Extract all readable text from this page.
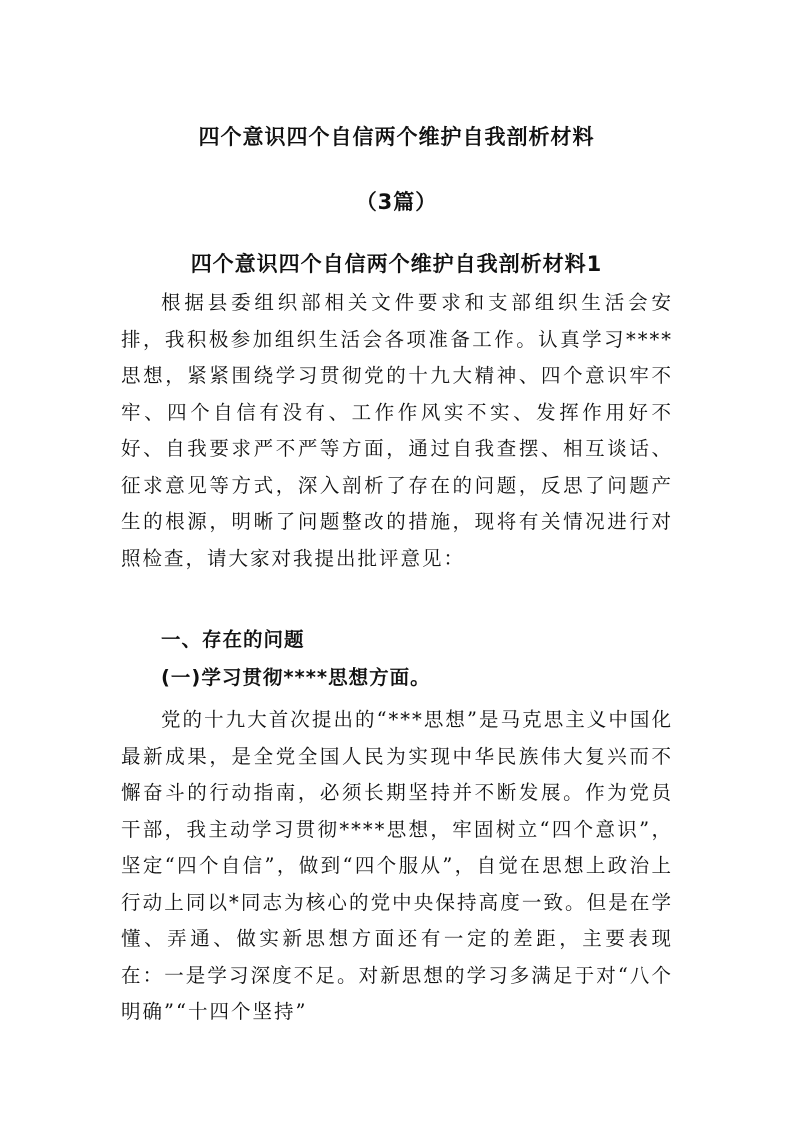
四个意识四个自信两个维护自我剖析材料
（3篇）
四个意识四个自信两个维护自我剖析材料1

根据县委组织部相关文件要求和支部组织生活会安排，我积极参加组织生活会各项准备工作。认真学习****思想，紧紧围绕学习贯彻党的十九大精神、四个意识牢不牢、四个自信有没有、工作作风实不实、发挥作用好不好、自我要求严不严等方面，通过自我查摆、相互谈话、征求意见等方式，深入剖析了存在的问题，反思了问题产生的根源，明晰了问题整改的措施，现将有关情况进行对照检查，请大家对我提出批评意见：

一、存在的问题
(一)学习贯彻****思想方面。

党的十九大首次提出的“***思想”是马克思主义中国化最新成果，是全党全国人民为实现中华民族伟大复兴而不懈奋斗的行动指南，必须长期坚持并不断发展。作为党员干部，我主动学习贯彻****思想，牢固树立“四个意识”，坚定“四个自信”，做到“四个服从”，自觉在思想上政治上行动上同以*同志为核心的党中央保持高度一致。但是在学懂、弄通、做实新思想方面还有一定的差距，主要表现在：一是学习深度不足。对新思想的学习多满足于对“八个明确”“十四个坚持”
